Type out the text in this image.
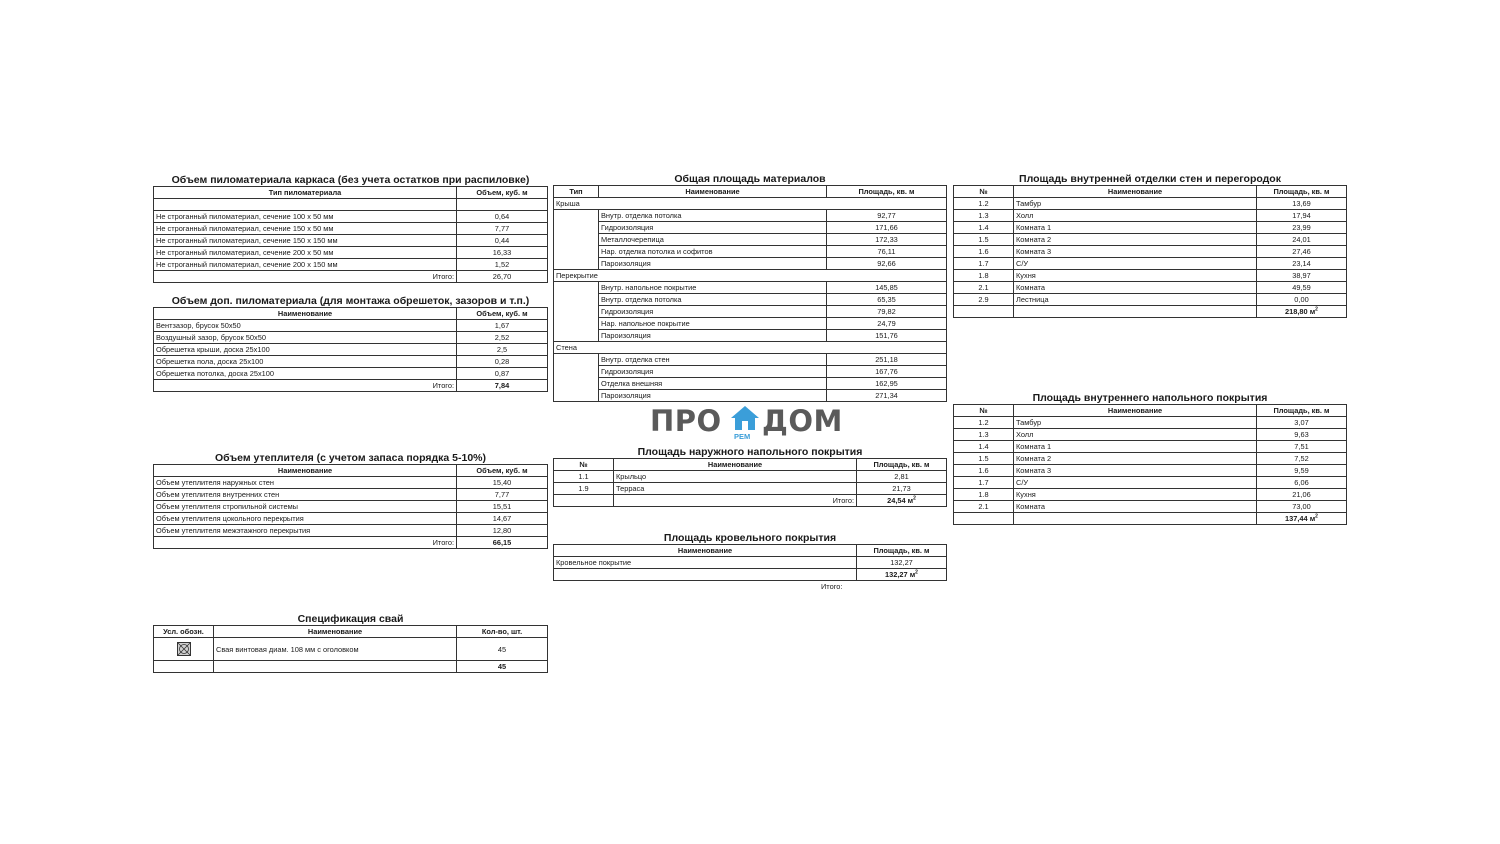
Объем пиломатериала каркаса (без учета остатков при распиловке)
Тип пиломатериала	Объем, куб. м

Не строганный пиломатериал, сечение 100 х 50 мм	0,64
Не строганный пиломатериал, сечение 150 х 50 мм	7,77
Не строганный пиломатериал, сечение 150 х 150 мм	0,44
Не строганный пиломатериал, сечение 200 х 50 мм	16,33
Не строганный пиломатериал, сечение 200 х 150 мм	1,52
Итого:	26,70
Объем доп. пиломатериала (для монтажа обрешеток, зазоров и т.п.)
Наименование	Объем, куб. м
Вентзазор, брусок 50х50	1,67
Воздушный зазор, брусок 50х50	2,52
Обрешетка крыши, доска 25х100	2,5
Обрешетка пола, доска 25х100	0,28
Обрешетка потолка, доска 25х100	0,87
Итого:	7,84
Объем утеплителя (с учетом запаса порядка 5-10%)
Наименование	Объем, куб. м
Объем утеплителя наружных стен	15,40
Объем утеплителя внутренних стен	7,77
Объем утеплителя стропильной системы	15,51
Объем утеплителя цокольного перекрытия	14,67
Объем утеплителя межэтажного перекрытия	12,80
Итого:	66,15
Спецификация свай
Усл. обозн.	Наименование	Кол-во, шт.
	Свая винтовая диам. 108 мм с оголовком	45
		45
Общая площадь материалов
Тип	Наименование	Площадь, кв. м
Крыша		
	Внутр. отделка потолка	92,77
	Гидроизоляция	171,66
	Металлочерепица	172,33
	Нар. отделка потолка и софитов	76,11
	Пароизоляция	92,66
Перекрытие		
	Внутр. напольное покрытие	145,85
	Внутр. отделка потолка	65,35
	Гидроизоляция	79,82
	Нар. напольное покрытие	24,79
	Пароизоляция	151,76
Стена		
	Внутр. отделка стен	251,18
	Гидроизоляция	167,76
	Отделка внешняя	162,95
	Пароизоляция	271,34
ПРО РЕМ ДОМ
Площадь наружного напольного покрытия
№	Наименование	Площадь, кв. м
1.1	Крыльцо	2,81
1.9	Терраса	21,73
	Итого:	24,54 $м^2$
Площадь кровельного покрытия
Наименование	Площадь, кв. м
Кровельное покрытие	132,27
	132,27 $м^2$
Итого:
Площадь внутренней отделки стен и перегородок
№	Наименование	Площадь, кв. м
1.2	Тамбур	13,69
1.3	Холл	17,94
1.4	Комната 1	23,99
1.5	Комната 2	24,01
1.6	Комната 3	27,46
1.7	С/У	23,14
1.8	Кухня	38,97
2.1	Комната	49,59
2.9	Лестница	0,00
		218,80 $м^2$
Площадь внутреннего напольного покрытия
№	Наименование	Площадь, кв. м
1.2	Тамбур	3,07
1.3	Холл	9,63
1.4	Комната 1	7,51
1.5	Комната 2	7,52
1.6	Комната 3	9,59
1.7	С/У	6,06
1.8	Кухня	21,06
2.1	Комната	73,00
		137,44 $м^2$
